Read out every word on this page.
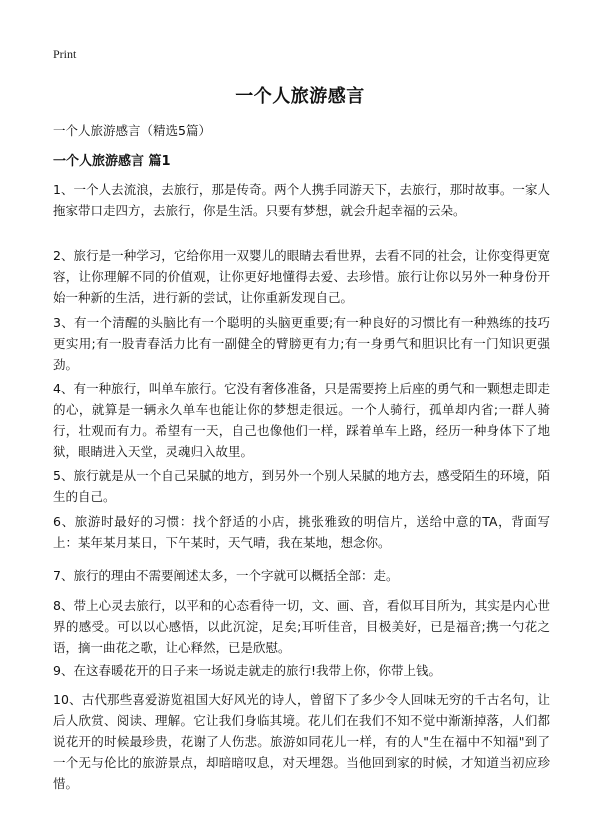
Print
一个人旅游感言
一个人旅游感言（精选5篇）
一个人旅游感言 篇1

1、一个人去流浪，去旅行，那是传奇。两个人携手同游天下，去旅行，那时故事。一家人拖家带口走四方，去旅行，你是生活。只要有梦想，就会升起幸福的云朵。

2、旅行是一种学习，它给你用一双婴儿的眼睛去看世界，去看不同的社会，让你变得更宽容，让你理解不同的价值观，让你更好地懂得去爱、去珍惜。旅行让你以另外一种身份开始一种新的生活，进行新的尝试，让你重新发现自己。

3、有一个清醒的头脑比有一个聪明的头脑更重要;有一种良好的习惯比有一种熟练的技巧更实用;有一股青春活力比有一副健全的臂膀更有力;有一身勇气和胆识比有一门知识更强劲。

4、有一种旅行，叫单车旅行。它没有奢侈准备，只是需要挎上后座的勇气和一颗想走即走的心，就算是一辆永久单车也能让你的梦想走很远。一个人骑行，孤单却内省;一群人骑行，壮观而有力。希望有一天，自己也像他们一样，踩着单车上路，经历一种身体下了地狱，眼睛进入天堂，灵魂归入故里。

5、旅行就是从一个自己呆腻的地方，到另外一个别人呆腻的地方去，感受陌生的环境，陌生的自己。

6、旅游时最好的习惯：找个舒适的小店，挑张雅致的明信片，送给中意的TA，背面写上：某年某月某日，下午某时，天气晴，我在某地，想念你。

7、旅行的理由不需要阐述太多，一个字就可以概括全部：走。

8、带上心灵去旅行，以平和的心态看待一切，文、画、音，看似耳目所为，其实是内心世界的感受。可以以心感悟，以此沉淀，足矣;耳听佳音，目极美好，已是福音;携一勺花之语，摘一曲花之歌，让心释然，已是欣慰。

9、在这春暖花开的日子来一场说走就走的旅行!我带上你，你带上钱。

10、古代那些喜爱游览祖国大好风光的诗人，曾留下了多少令人回味无穷的千古名句，让后人欣赏、阅读、理解。它让我们身临其境。花儿们在我们不知不觉中渐渐掉落，人们都说花开的时候最珍贵，花谢了人伤悲。旅游如同花儿一样，有的人"生在福中不知福"到了一个无与伦比的旅游景点，却暗暗叹息，对天埋怨。当他回到家的时候，才知道当初应珍惜。
